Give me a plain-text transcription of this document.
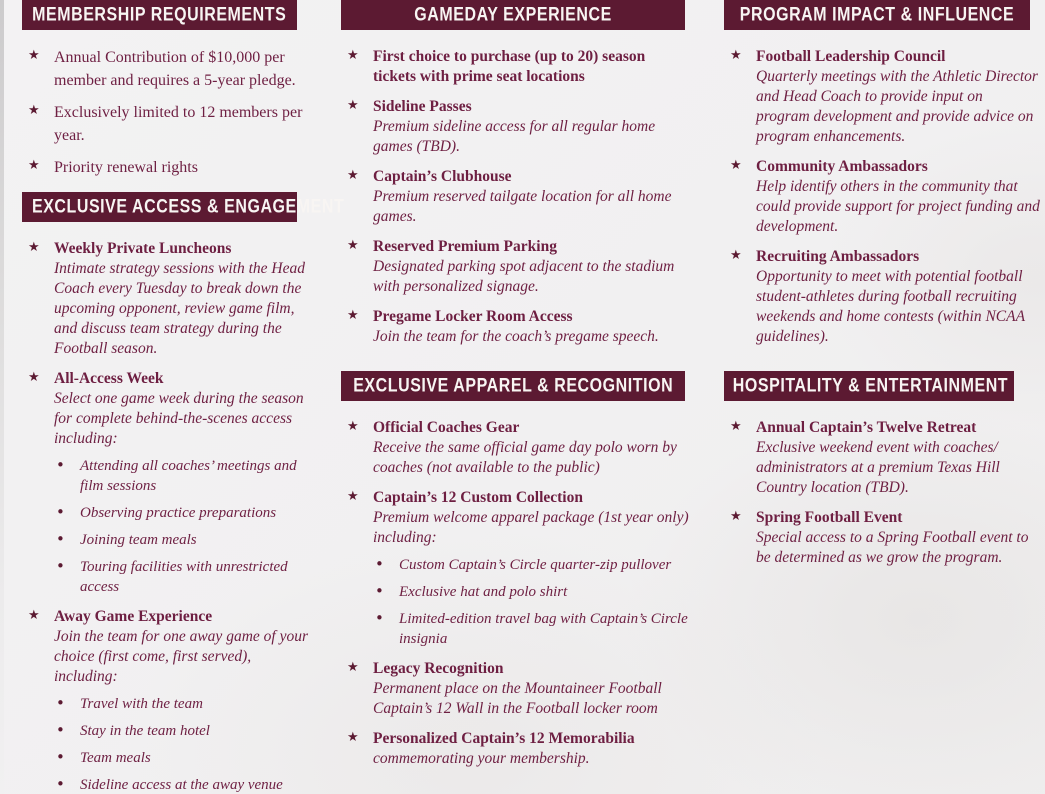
MEMBERSHIP REQUIREMENTS
★ Annual Contribution of $10,000 per member and requires a 5-year pledge.
★ Exclusively limited to 12 members per year.
★ Priority renewal rights
EXCLUSIVE ACCESS & ENGAGEMENT
★ Weekly Private Luncheons
Intimate strategy sessions with the Head Coach every Tuesday to break down the upcoming opponent, review game film, and discuss team strategy during the Football season.
★ All-Access Week
Select one game week during the season for complete behind-the-scenes access including:
• Attending all coaches’ meetings and film sessions
• Observing practice preparations
• Joining team meals
• Touring facilities with unrestricted access
★ Away Game Experience
Join the team for one away game of your choice (first come, first served), including:
• Travel with the team
• Stay in the team hotel
• Team meals
• Sideline access at the away venue
GAMEDAY EXPERIENCE
★ First choice to purchase (up to 20) season tickets with prime seat locations
★ Sideline Passes
Premium sideline access for all regular home games (TBD).
★ Captain’s Clubhouse
Premium reserved tailgate location for all home games.
★ Reserved Premium Parking
Designated parking spot adjacent to the stadium with personalized signage.
★ Pregame Locker Room Access
Join the team for the coach’s pregame speech.
EXCLUSIVE APPAREL & RECOGNITION
★ Official Coaches Gear
Receive the same official game day polo worn by coaches (not available to the public)
★ Captain’s 12 Custom Collection
Premium welcome apparel package (1st year only) including:
• Custom Captain’s Circle quarter-zip pullover
• Exclusive hat and polo shirt
• Limited-edition travel bag with Captain’s Circle insignia
★ Legacy Recognition
Permanent place on the Mountaineer Football Captain’s 12 Wall in the Football locker room
★ Personalized Captain’s 12 Memorabilia
commemorating your membership.
PROGRAM IMPACT & INFLUENCE
★ Football Leadership Council
Quarterly meetings with the Athletic Director and Head Coach to provide input on program development and provide advice on program enhancements.
★ Community Ambassadors
Help identify others in the community that could provide support for project funding and development.
★ Recruiting Ambassadors
Opportunity to meet with potential football student-athletes during football recruiting weekends and home contests (within NCAA guidelines).
HOSPITALITY & ENTERTAINMENT
★ Annual Captain’s Twelve Retreat
Exclusive weekend event with coaches/ administrators at a premium Texas Hill Country location (TBD).
★ Spring Football Event
Special access to a Spring Football event to be determined as we grow the program.
